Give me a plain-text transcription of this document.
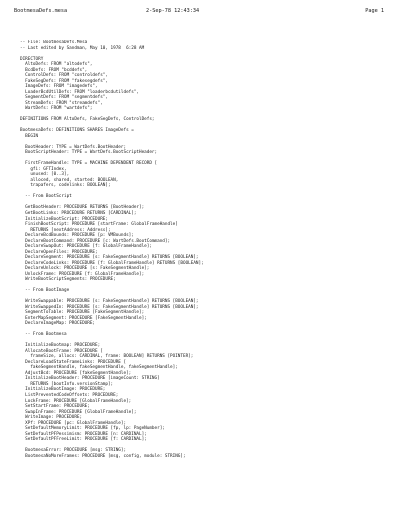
BootmesaDefs.mesa	2-Sep-78 12:43:34	Page 1
-- File: BootmesaDefs.Mesa
-- Last edited by Sandman, May 10, 1978  6:28 AM
DIRECTORY
AltoDefs: FROM "altodefs",
BcdDefs: FROM "bcddefs",
ControlDefs: FROM "controldefs",
FakeSegDefs: FROM "fakesegdefs",
ImageDefs: FROM "imagedefs",
LoaderBcdUtilDefs: FROM "loaderbcdutildefs",
SegmentDefs: FROM "segmentdefs",
StreamDefs: FROM "streamdefs",
WartDefs: FROM "wartdefs";
DEFINITIONS FROM AltoDefs, FakeSegDefs, ControlDefs;
BootmesaDefs: DEFINITIONS SHARES ImageDefs =
BEGIN
BootHeader: TYPE = WartDefs.BootHeader;
BootScriptHeader: TYPE = WartDefs.BootScriptHeader;
FirstFrameHandle: TYPE = MACHINE DEPENDENT RECORD [
gfi: GFTIndex,
unused: [0..3],
alloced, shared, started: BOOLEAN,
trapafers, codelinks: BOOLEAN];
-- From BootScript
GetBootHeader: PROCEDURE RETURNS [BootHeader];
GetBootLinks: PROCEDURE RETURNS [CARDINAL];
InitializeBootScript: PROCEDURE;
FinishBootScript: PROCEDURE [startFrame: GlobalFrameHandle]
RETURNS [nextAddress: Address];
DeclareBcdBounds: PROCEDURE [p: VMBounds];
DeclareBootCommand: PROCEDURE [c: WartDefs.BootCommand];
DeclareSwapOut: PROCEDURE [f: GlobalFrameHandle];
DeclareOpenFiles: PROCEDURE;
DeclareSegment: PROCEDURE [s: FakeSegmentHandle] RETURNS [BOOLEAN];
DeclareCodeLinks: PROCEDURE [f: GlobalFrameHandle] RETURNS [BOOLEAN];
DeclareUnlock: PROCEDURE [s: FakeSegmentHandle];
UnlockFrame: PROCEDURE [f: GlobalFrameHandle];
WriteBootScriptSegments: PROCEDURE;
-- From BootImage
WriteSwappable: PROCEDURE [s: FakeSegmentHandle] RETURNS [BOOLEAN];
WriteSwappedIn: PROCEDURE [s: FakeSegmentHandle] RETURNS [BOOLEAN];
SegmentToTable: PROCEDURE [FakeSegmentHandle];
EnterMapSegment: PROCEDURE [FakeSegmentHandle];
DeclareImageMap: PROCEDURE;
-- From Bootmesa
InitializeBootmap: PROCEDURE;
AllocateBootFrame: PROCEDURE [
frameSize, allocs: CARDINAL, frame: BOOLEAN] RETURNS [POINTER];
DeclareLoadStateFrameLinks: PROCEDURE [
fakeSegmentHandle, fakeSegmentHandle, fakeSegmentHandle];
AdjustBcd: PROCEDURE [fakeSegmentHandle];
InitializeBootHeader: PROCEDURE [imageCount: STRING]
RETURNS [bootInfo.versionStamp];
InitializeBootImage: PROCEDURE;
ListPreventedCodeOffsets: PROCEDURE;
LockFrame: PROCEDURE [GlobalFrameHandle];
SetStartFrame: PROCEDURE;
SwapInFrame: PROCEDURE [GlobalFrameHandle];
WriteImage: PROCEDURE;
XPf: PROCEDURE [pc: GlobalFrameHandle];
SetDefaultMemoryLimit: PROCEDURE [fp, lp: PageNumber];
SetDefaultPFPessimism: PROCEDURE [n: CARDINAL];
SetDefaultPFFreeLimit: PROCEDURE [f: CARDINAL];
BootmesaError: PROCEDURE [msg: STRING];
BootmesaNoMoreFrames: PROCEDURE [msg, config, module: STRING];
